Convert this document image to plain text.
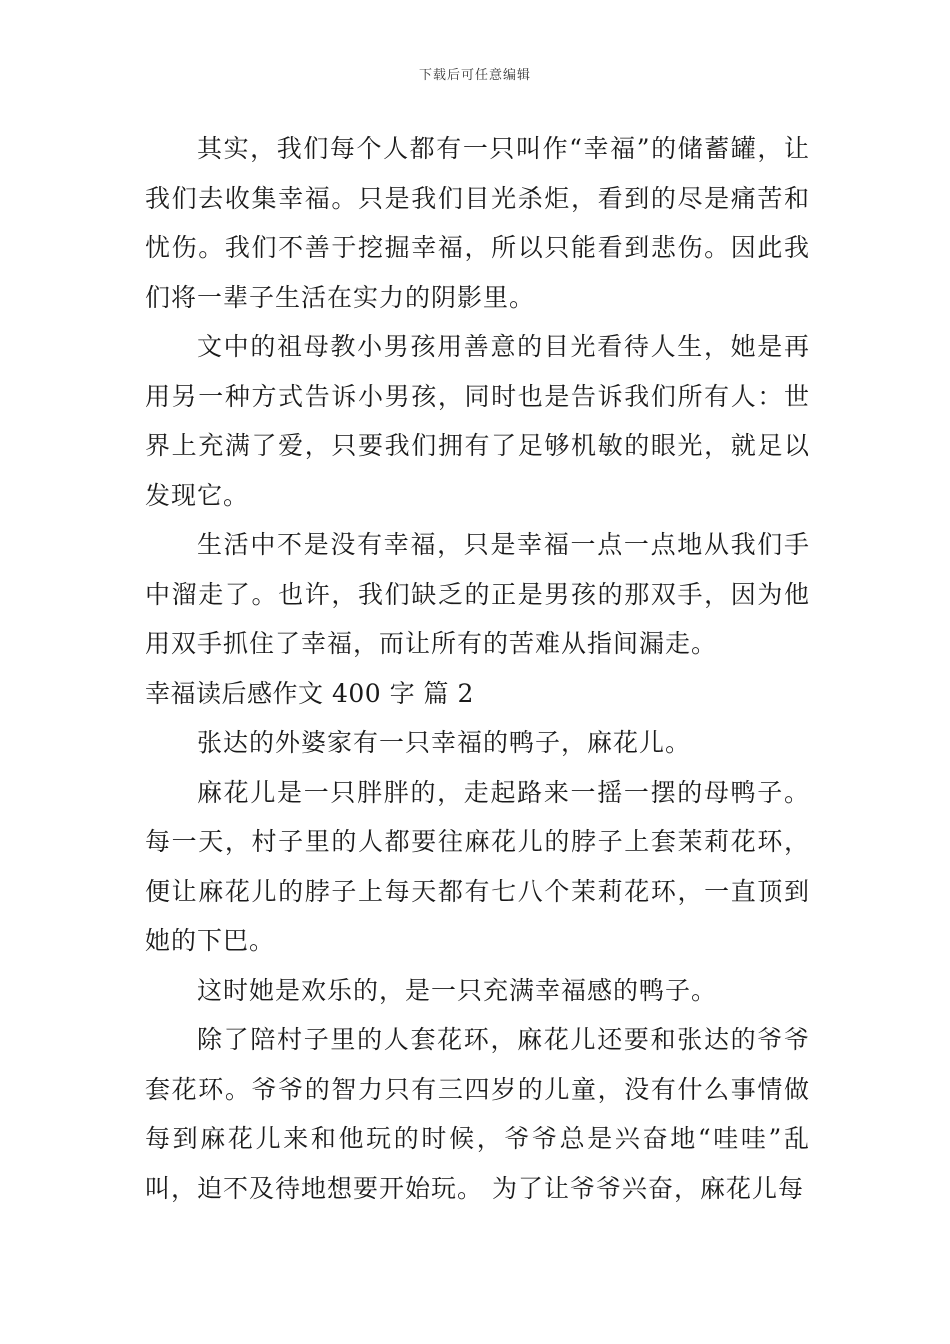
下载后可任意编辑

其实，我们每个人都有一只叫作“幸福”的储蓄罐，让我们去收集幸福。只是我们目光杀炬，看到的尽是痛苦和忧伤。我们不善于挖掘幸福，所以只能看到悲伤。因此我们将一辈子生活在实力的阴影里。

文中的祖母教小男孩用善意的目光看待人生，她是再用另一种方式告诉小男孩，同时也是告诉我们所有人：世界上充满了爱，只要我们拥有了足够机敏的眼光，就足以发现它。

生活中不是没有幸福，只是幸福一点一点地从我们手中溜走了。也许，我们缺乏的正是男孩的那双手，因为他用双手抓住了幸福，而让所有的苦难从指间漏走。

幸福读后感作文 400 字 篇 2

张达的外婆家有一只幸福的鸭子，麻花儿。

麻花儿是一只胖胖的，走起路来一摇一摆的母鸭子。每一天，村子里的人都要往麻花儿的脖子上套茉莉花环，便让麻花儿的脖子上每天都有七八个茉莉花环，一直顶到她的下巴。

这时她是欢乐的，是一只充满幸福感的鸭子。

除了陪村子里的人套花环，麻花儿还要和张达的爷爷套花环。爷爷的智力只有三四岁的儿童，没有什么事情做每到麻花儿来和他玩的时候，爷爷总是兴奋地“哇哇”乱叫，迫不及待地想要开始玩。 为了让爷爷兴奋，麻花儿每
